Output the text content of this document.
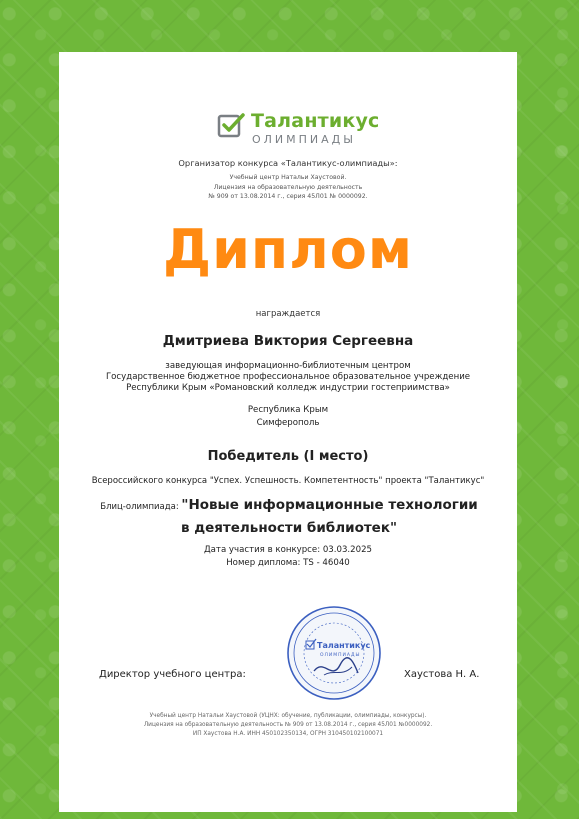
Талантикус
ОЛИМПИАДЫ
Организатор конкурса «Талантикус-олимпиады»:
Учебный центр Натальи Хаустовой.
Лицензия на образовательную деятельность
№ 909 от 13.08.2014 г., серия 45Л01 № 0000092.
Диплом
награждается
Дмитриева Виктория Сергеевна
заведующая информационно-библиотечным центром
Государственное бюджетное профессиональное образовательное учреждение
Республики Крым «Романовский колледж индустрии гостеприимства»
Республика Крым
Симферополь
Победитель (I место)
Всероссийского конкурса "Успех. Успешность. Компетентность" проекта "Талантикус"
Блиц-олимпиада: "Новые информационные технологии в деятельности библиотек"
Дата участия в конкурсе: 03.03.2025
Номер диплома: TS - 46040
Талантикус
ОЛИМПИАДЫ
Директор учебного центра:	Хаустова Н. А.
Учебный центр Натальи Хаустовой (УЦНХ: обучение, публикации, олимпиады, конкурсы).
Лицензия на образовательную деятельность № 909 от 13.08.2014 г., серия 45Л01 №0000092.
ИП Хаустова Н.А. ИНН 450102350134, ОГРН 310450102100071
